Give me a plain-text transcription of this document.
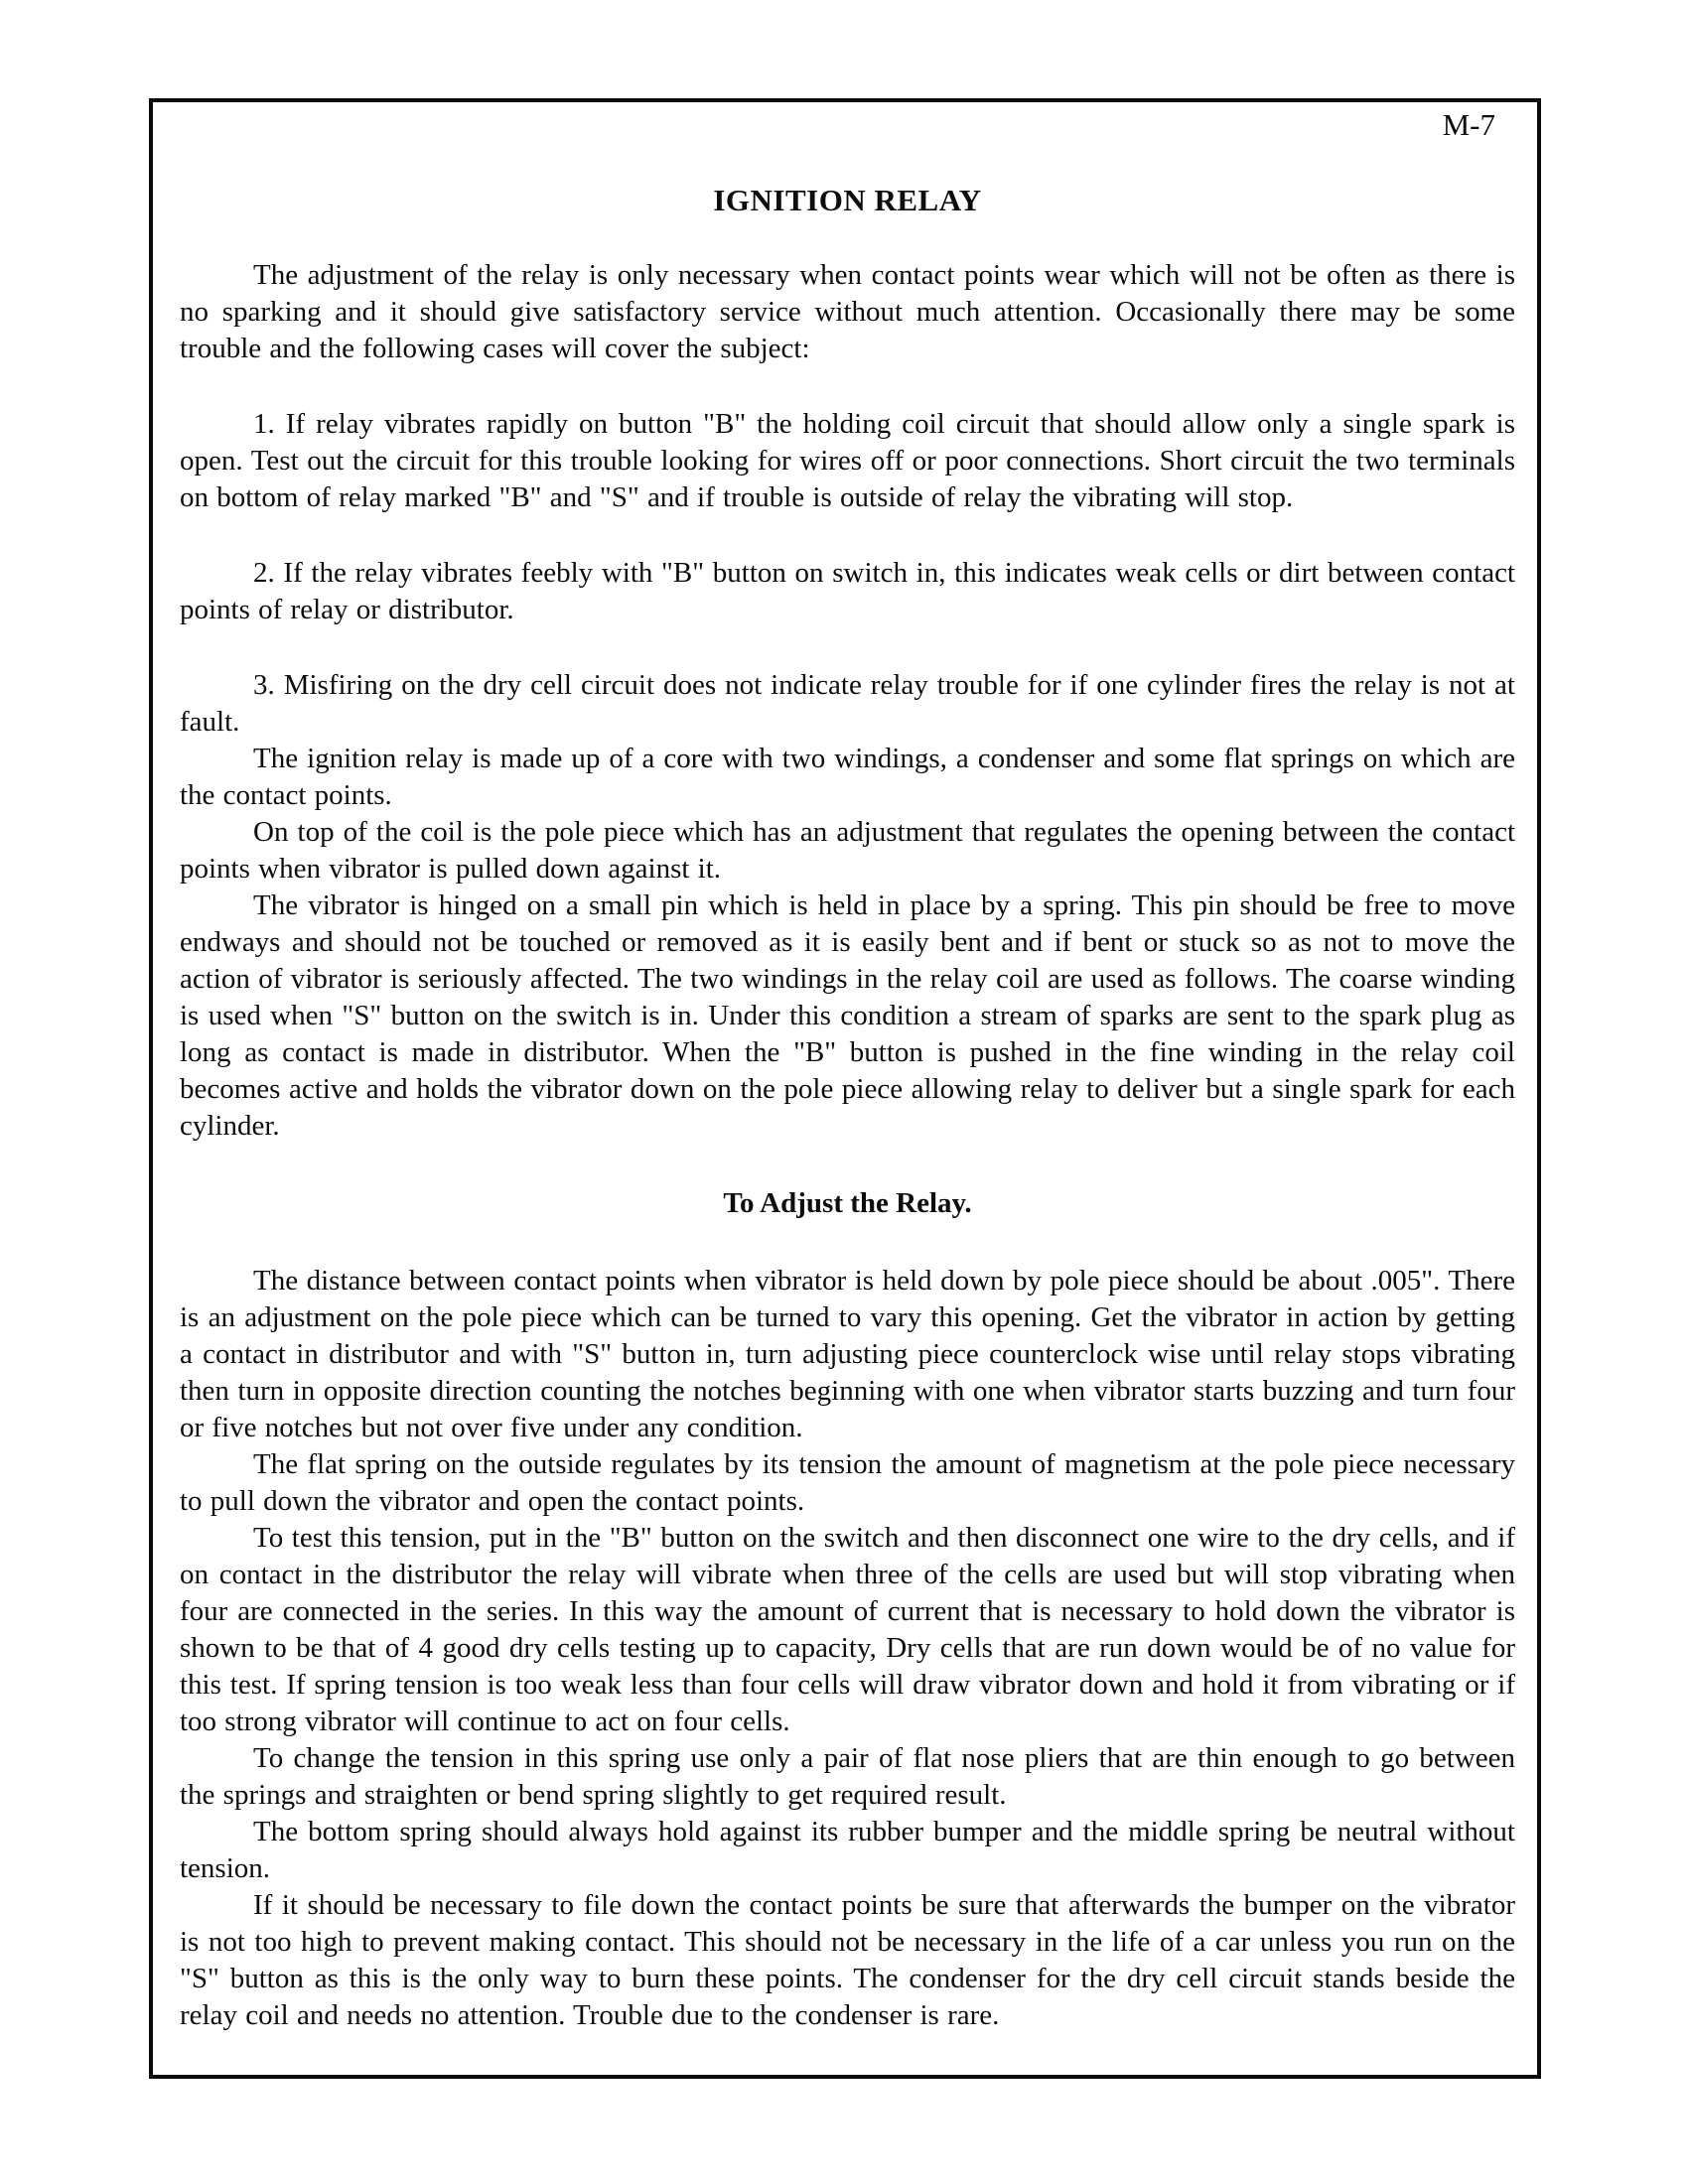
M-7
IGNITION RELAY

The adjustment of the relay is only necessary when contact points wear which will not be often as there is no sparking and it should give satisfactory service without much attention. Occasionally there may be some trouble and the following cases will cover the subject:

1. If relay vibrates rapidly on button "B" the holding coil circuit that should allow only a single spark is open. Test out the circuit for this trouble looking for wires off or poor connections. Short circuit the two terminals on bottom of relay marked "B" and "S" and if trouble is outside of relay the vibrating will stop.

2. If the relay vibrates feebly with "B" button on switch in, this indicates weak cells or dirt between contact points of relay or distributor.

3. Misfiring on the dry cell circuit does not indicate relay trouble for if one cylinder fires the relay is not at fault.

The ignition relay is made up of a core with two windings, a condenser and some flat springs on which are the contact points.

On top of the coil is the pole piece which has an adjustment that regulates the opening between the contact points when vibrator is pulled down against it.

The vibrator is hinged on a small pin which is held in place by a spring. This pin should be free to move endways and should not be touched or removed as it is easily bent and if bent or stuck so as not to move the action of vibrator is seriously affected. The two windings in the relay coil are used as follows. The coarse winding is used when "S" button on the switch is in. Under this condition a stream of sparks are sent to the spark plug as long as contact is made in distributor. When the "B" button is pushed in the fine winding in the relay coil becomes active and holds the vibrator down on the pole piece allowing relay to deliver but a single spark for each cylinder.

To Adjust the Relay.

The distance between contact points when vibrator is held down by pole piece should be about .005". There is an adjustment on the pole piece which can be turned to vary this opening. Get the vibrator in action by getting a contact in distributor and with "S" button in, turn adjusting piece counterclock wise until relay stops vibrating then turn in opposite direction counting the notches beginning with one when vibrator starts buzzing and turn four or five notches but not over five under any condition.

The flat spring on the outside regulates by its tension the amount of magnetism at the pole piece necessary to pull down the vibrator and open the contact points.

To test this tension, put in the "B" button on the switch and then disconnect one wire to the dry cells, and if on contact in the distributor the relay will vibrate when three of the cells are used but will stop vibrating when four are connected in the series. In this way the amount of current that is necessary to hold down the vibrator is shown to be that of 4 good dry cells testing up to capacity, Dry cells that are run down would be of no value for this test. If spring tension is too weak less than four cells will draw vibrator down and hold it from vibrating or if too strong vibrator will continue to act on four cells.

To change the tension in this spring use only a pair of flat nose pliers that are thin enough to go between the springs and straighten or bend spring slightly to get required result.

The bottom spring should always hold against its rubber bumper and the middle spring be neutral without tension.

If it should be necessary to file down the contact points be sure that afterwards the bumper on the vibrator is not too high to prevent making contact. This should not be necessary in the life of a car unless you run on the "S" button as this is the only way to burn these points. The condenser for the dry cell circuit stands beside the relay coil and needs no attention. Trouble due to the condenser is rare.
